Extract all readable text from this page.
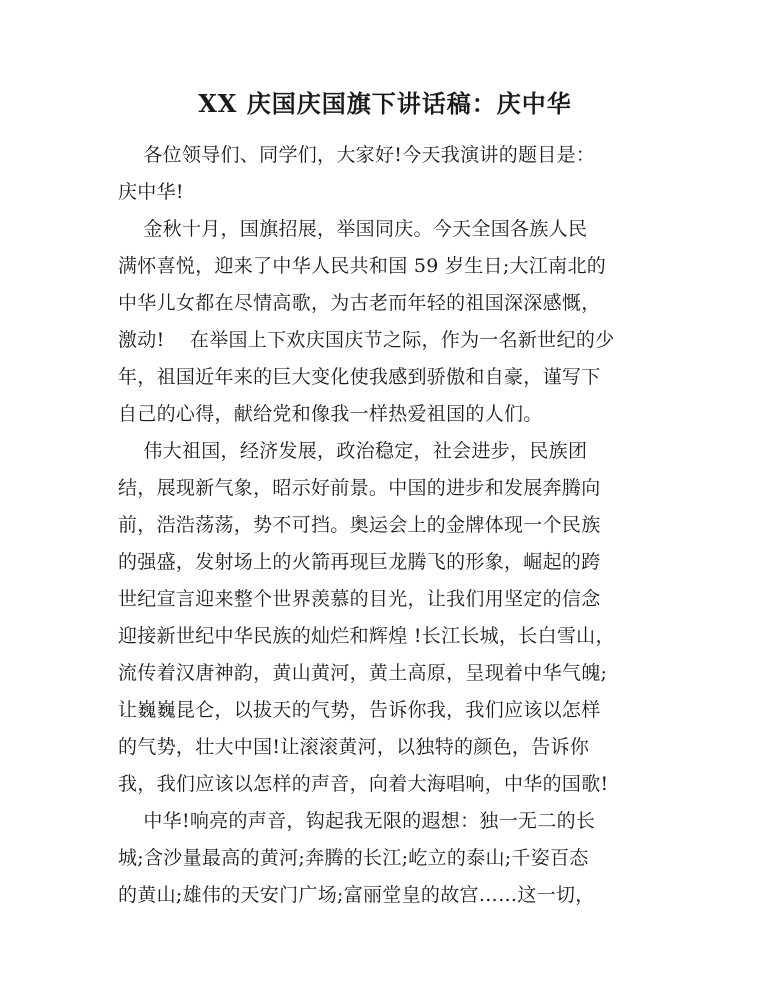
XX 庆国庆国旗下讲话稿：庆中华

各位领导们、同学们，大家好!今天我演讲的题目是：

庆中华!

金秋十月，国旗招展，举国同庆。今天全国各族人民

满怀喜悦，迎来了中华人民共和国 59 岁生日;大江南北的

中华儿女都在尽情高歌，为古老而年轻的祖国深深感慨，

激动!    在举国上下欢庆国庆节之际，作为一名新世纪的少

年，祖国近年来的巨大变化使我感到骄傲和自豪，谨写下

自己的心得，献给党和像我一样热爱祖国的人们。

伟大祖国，经济发展，政治稳定，社会进步，民族团

结，展现新气象，昭示好前景。中国的进步和发展奔腾向

前，浩浩荡荡，势不可挡。奥运会上的金牌体现一个民族

的强盛，发射场上的火箭再现巨龙腾飞的形象，崛起的跨

世纪宣言迎来整个世界羡慕的目光，让我们用坚定的信念

迎接新世纪中华民族的灿烂和辉煌 !长江长城，长白雪山，

流传着汉唐神韵，黄山黄河，黄土高原，呈现着中华气魄;

让巍巍昆仑，以拔天的气势，告诉你我，我们应该以怎样

的气势，壮大中国!让滚滚黄河，以独特的颜色，告诉你

我，我们应该以怎样的声音，向着大海唱响，中华的国歌!

中华!响亮的声音，钩起我无限的遐想：独一无二的长

城;含沙量最高的黄河;奔腾的长江;屹立的泰山;千姿百态

的黄山;雄伟的天安门广场;富丽堂皇的故宫……这一切，
